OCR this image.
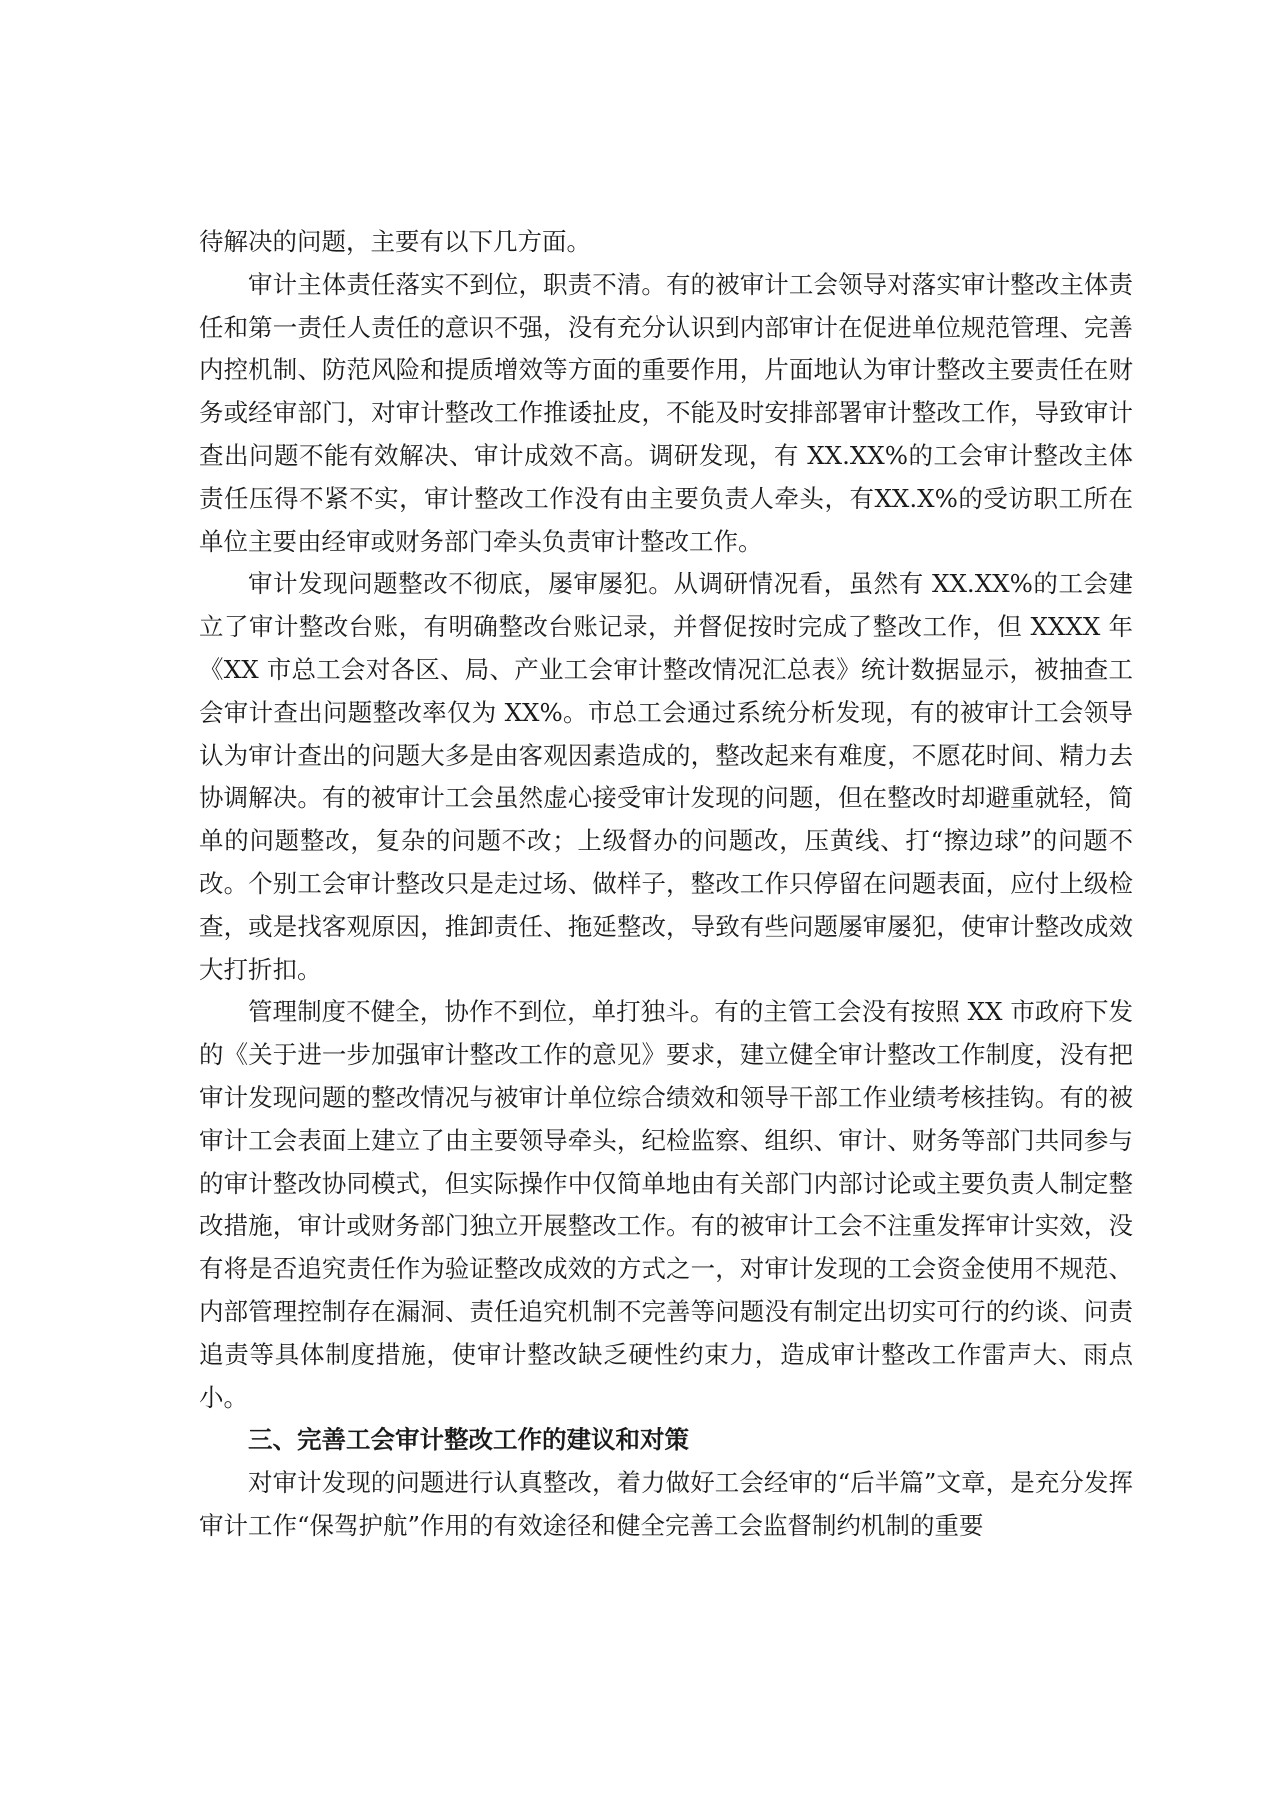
待解决的问题，主要有以下几方面。

审计主体责任落实不到位，职责不清。有的被审计工会领导对落实审计整改主体责任和第一责任人责任的意识不强，没有充分认识到内部审计在促进单位规范管理、完善内控机制、防范风险和提质增效等方面的重要作用，片面地认为审计整改主要责任在财务或经审部门，对审计整改工作推诿扯皮，不能及时安排部署审计整改工作，导致审计查出问题不能有效解决、审计成效不高。调研发现，有 XX.XX%的工会审计整改主体责任压得不紧不实，审计整改工作没有由主要负责人牵头，有XX.X%的受访职工所在单位主要由经审或财务部门牵头负责审计整改工作。

审计发现问题整改不彻底，屡审屡犯。从调研情况看，虽然有 XX.XX%的工会建立了审计整改台账，有明确整改台账记录，并督促按时完成了整改工作，但 XXXX 年《XX 市总工会对各区、局、产业工会审计整改情况汇总表》统计数据显示，被抽查工会审计查出问题整改率仅为 XX%。市总工会通过系统分析发现，有的被审计工会领导认为审计查出的问题大多是由客观因素造成的，整改起来有难度，不愿花时间、精力去协调解决。有的被审计工会虽然虚心接受审计发现的问题，但在整改时却避重就轻，简单的问题整改，复杂的问题不改；上级督办的问题改，压黄线、打“擦边球”的问题不改。个别工会审计整改只是走过场、做样子，整改工作只停留在问题表面，应付上级检查，或是找客观原因，推卸责任、拖延整改，导致有些问题屡审屡犯，使审计整改成效大打折扣。

管理制度不健全，协作不到位，单打独斗。有的主管工会没有按照 XX 市政府下发的《关于进一步加强审计整改工作的意见》要求，建立健全审计整改工作制度，没有把审计发现问题的整改情况与被审计单位综合绩效和领导干部工作业绩考核挂钩。有的被审计工会表面上建立了由主要领导牵头，纪检监察、组织、审计、财务等部门共同参与的审计整改协同模式，但实际操作中仅简单地由有关部门内部讨论或主要负责人制定整改措施，审计或财务部门独立开展整改工作。有的被审计工会不注重发挥审计实效，没有将是否追究责任作为验证整改成效的方式之一，对审计发现的工会资金使用不规范、内部管理控制存在漏洞、责任追究机制不完善等问题没有制定出切实可行的约谈、问责追责等具体制度措施，使审计整改缺乏硬性约束力，造成审计整改工作雷声大、雨点小。

三、完善工会审计整改工作的建议和对策

对审计发现的问题进行认真整改，着力做好工会经审的“后半篇”文章，是充分发挥审计工作“保驾护航”作用的有效途径和健全完善工会监督制约机制的重要
